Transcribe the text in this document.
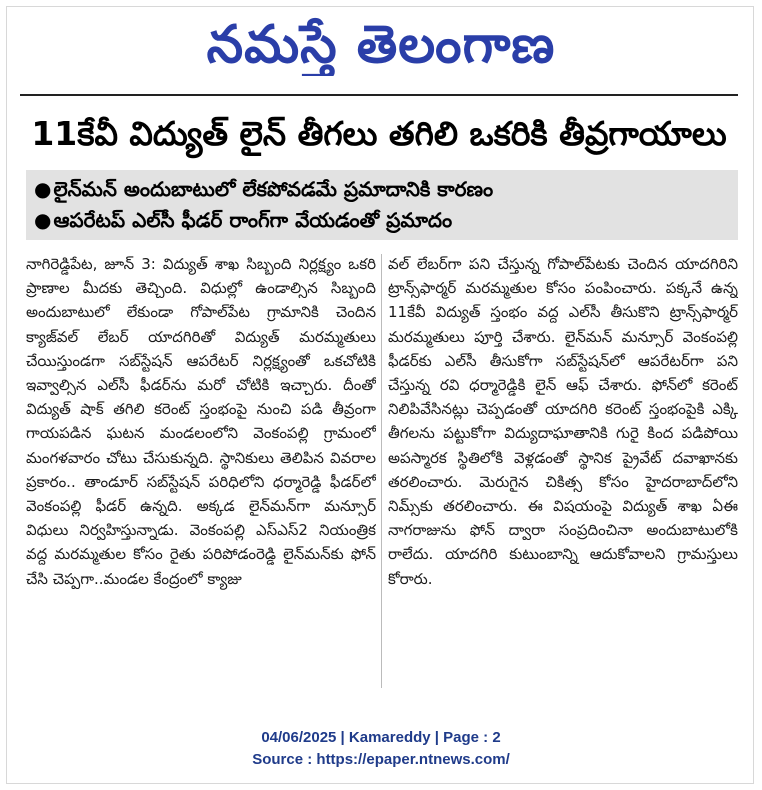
నమస్తే తెలంగాణ
11కేవీ విద్యుత్ లైన్ తీగలు తగిలి ఒకరికి తీవ్రగాయాలు
● లైన్‌మన్ అందుబాటులో లేకపోవడమే ప్రమాదానికి కారణం
● ఆపరేటప్ ఎల్‌సీ ఫీడర్ రాంగ్‌గా వేయడంతో ప్రమాదం
నాగిరెడ్డిపేట, జూన్ 3: విద్యుత్ శాఖ సిబ్బంది నిర్లక్ష్యం ఒకరి ప్రాణాల మీదకు తెచ్చింది. విధుల్లో ఉండాల్సిన సిబ్బంది అందుబాటులో లేకుండా గోపాల్‌పేట గ్రామానికి చెందిన క్యాజ్‌వల్ లేబర్ యాదగిరితో విద్యుత్ మరమ్మతులు చేయిస్తుండగా సబ్‌స్టేషన్ ఆపరేటర్ నిర్లక్ష్యంతో ఒకచోటికి ఇవ్వాల్సిన ఎల్‌సీ ఫీడర్‌ను మరో చోటికి ఇచ్చారు. దీంతో విద్యుత్ షాక్ తగిలి కరెంట్ స్తంభంపై నుంచి పడి తీవ్రంగా గాయపడిన ఘటన మండలంలోని వెంకంపల్లి గ్రామంలో మంగళవారం చోటు చేసుకున్నది. స్థానికులు తెలిపిన వివరాల ప్రకారం.. తాండూర్ సబ్‌స్టేషన్ పరిధిలోని ధర్మారెడ్డి ఫీడర్‌లో వెంకంపల్లి ఫీడర్ ఉన్నది. అక్కడ లైన్‌మన్‌గా మన్సూర్ విధులు నిర్వహిస్తున్నాడు. వెంకంపల్లి ఎస్‌ఎస్2 నియంత్రిక వద్ద మరమ్మతుల కోసం రైతు పరిపోడంరెడ్డి లైన్‌మన్‌కు ఫోన్ చేసి చెప్పగా..మండల కేంద్రంలో క్యాజు
వల్ లేబర్‌గా పని చేస్తున్న గోపాల్‌పేటకు చెందిన యాదగిరిని ట్రాన్స్‌ఫార్మర్ మరమ్మతుల కోసం పంపించారు. పక్కనే ఉన్న 11కేవీ విద్యుత్ స్తంభం వద్ద ఎల్‌సీ తీసుకొని ట్రాన్స్‌ఫార్మర్ మరమ్మతులు పూర్తి చేశారు. లైన్‌మన్ మన్సూర్ వెంకంపల్లి ఫీడర్‌కు ఎల్‌సీ తీసుకోగా సబ్‌స్టేషన్‌లో ఆపరేటర్‌గా పని చేస్తున్న రవి ధర్మారెడ్డికి లైన్ ఆఫ్ చేశారు. ఫోన్‌లో కరెంట్ నిలిపివేసినట్లు చెప్పడంతో యాదగిరి కరెంట్ స్తంభంపైకి ఎక్కి తీగలను పట్టుకోగా విద్యుదాఘాతానికి గురై కింద పడిపోయి అపస్మారక స్థితిలోకి వెళ్లడంతో స్థానిక ప్రైవేట్ దవాఖానకు తరలించారు. మెరుగైన చికిత్స కోసం హైదరాబాద్‌లోని నిమ్స్‌కు తరలించారు. ఈ విషయంపై విద్యుత్ శాఖ ఏఈ నాగరాజును ఫోన్ ద్వారా సంప్రదించినా అందుబాటులోకి రాలేదు. యాదగిరి కుటుంబాన్ని ఆదుకోవాలని గ్రామస్తులు కోరారు.
04/06/2025 | Kamareddy | Page : 2
Source : https://epaper.ntnews.com/
